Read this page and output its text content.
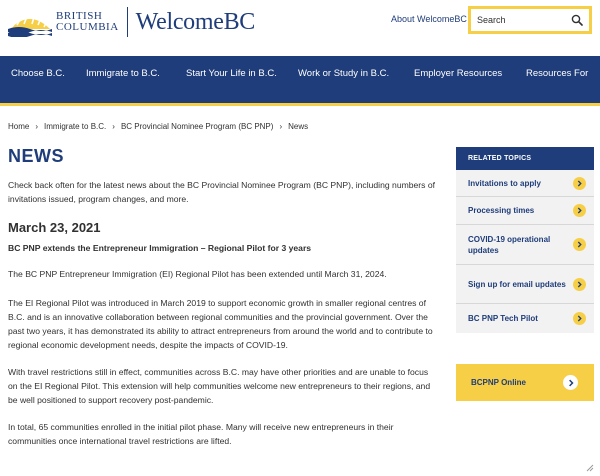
BRITISH
COLUMBIA WelcomeBC	About WelcomeBC
Search
Choose B.C. Immigrate to B.C.	Start Your Life in B.C. Work or Study in B.C.	Employer Resources	Resources For
Home › Immigrate to B.C. › BC Provincial Nominee Program (BC PNP) › News
NEWS

Check back often for the latest news about the BC Provincial Nominee Program (BC PNP), including numbers of invitations issued, program changes, and more.

March 23, 2021

BC PNP extends the Entrepreneur Immigration – Regional Pilot for 3 years

The BC PNP Entrepreneur Immigration (EI) Regional Pilot has been extended until March 31, 2024.

The EI Regional Pilot was introduced in March 2019 to support economic growth in smaller regional centres of B.C. and is an innovative collaboration between regional communities and the provincial government. Over the past two years, it has demonstrated its ability to attract entrepreneurs from around the world and to contribute to regional economic development needs, despite the impacts of COVID-19.

With travel restrictions still in effect, communities across B.C. may have other priorities and are unable to focus on the EI Regional Pilot. This extension will help communities welcome new entrepreneurs to their regions, and be well positioned to support recovery post-pandemic.

In total, 65 communities enrolled in the initial pilot phase. Many will receive new entrepreneurs in their communities once international travel restrictions are lifted.

RELATED TOPICS
Invitations to apply
Processing times
COVID-19 operational updates
Sign up for email updates
BC PNP Tech Pilot
BCPNP Online
